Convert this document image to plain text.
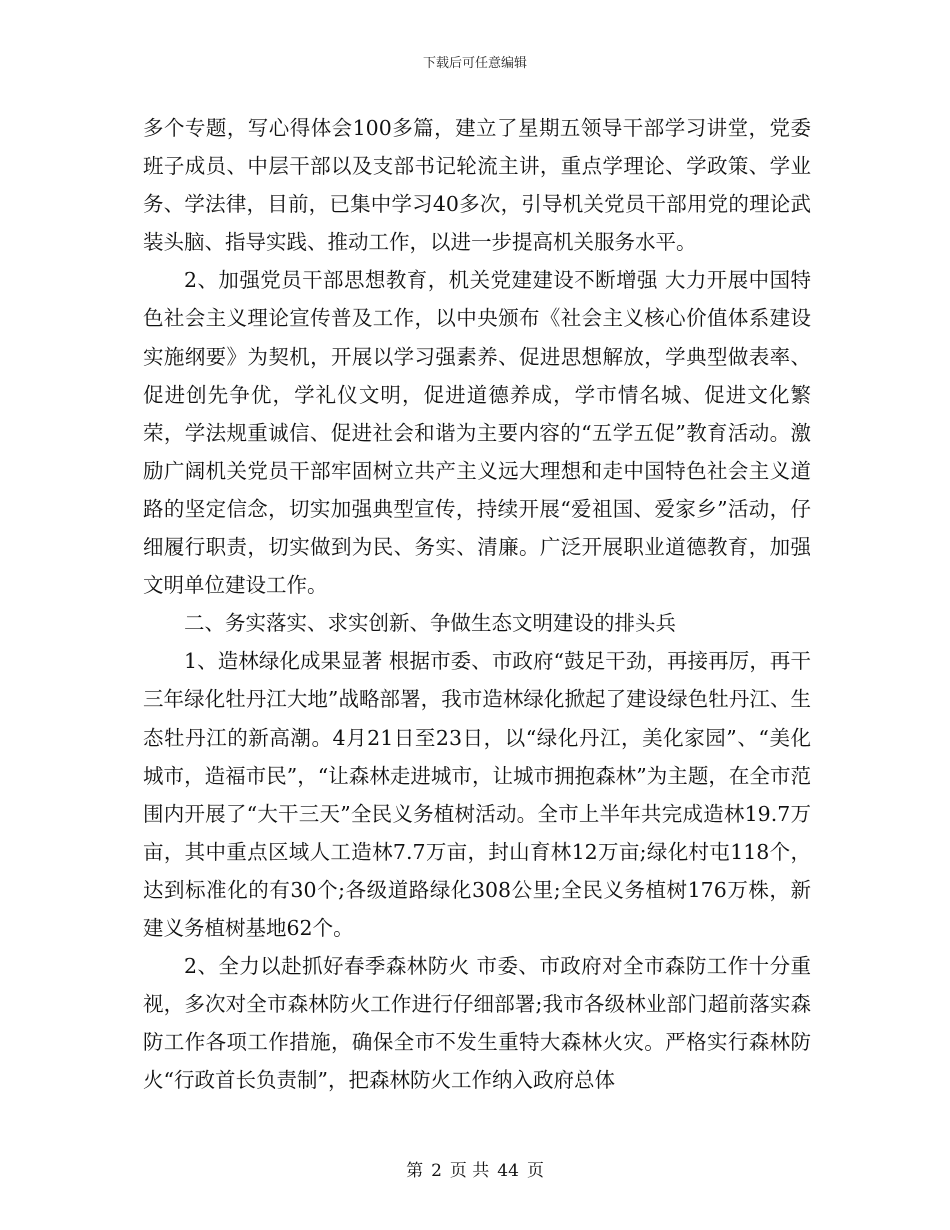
下载后可任意编辑

多个专题，写心得体会100多篇，建立了星期五领导干部学习讲堂，党委班子成员、中层干部以及支部书记轮流主讲，重点学理论、学政策、学业务、学法律，目前，已集中学习40多次，引导机关党员干部用党的理论武装头脑、指导实践、推动工作，以进一步提高机关服务水平。

2、加强党员干部思想教育，机关党建建设不断增强 大力开展中国特色社会主义理论宣传普及工作，以中央颁布《社会主义核心价值体系建设实施纲要》为契机，开展以学习强素养、促进思想解放，学典型做表率、促进创先争优，学礼仪文明，促进道德养成，学市情名城、促进文化繁荣，学法规重诚信、促进社会和谐为主要内容的“五学五促”教育活动。激励广阔机关党员干部牢固树立共产主义远大理想和走中国特色社会主义道路的坚定信念，切实加强典型宣传，持续开展“爱祖国、爱家乡”活动，仔细履行职责，切实做到为民、务实、清廉。广泛开展职业道德教育，加强文明单位建设工作。

二、务实落实、求实创新、争做生态文明建设的排头兵

1、造林绿化成果显著 根据市委、市政府“鼓足干劲，再接再厉，再干三年绿化牡丹江大地”战略部署，我市造林绿化掀起了建设绿色牡丹江、生态牡丹江的新高潮。4月21日至23日，以“绿化丹江，美化家园”、“美化城市，造福市民”，“让森林走进城市，让城市拥抱森林”为主题，在全市范围内开展了“大干三天”全民义务植树活动。全市上半年共完成造林19.7万亩，其中重点区域人工造林7.7万亩，封山育林12万亩;绿化村屯118个，达到标准化的有30个;各级道路绿化308公里;全民义务植树176万株，新建义务植树基地62个。

2、全力以赴抓好春季森林防火 市委、市政府对全市森防工作十分重视，多次对全市森林防火工作进行仔细部署;我市各级林业部门超前落实森防工作各项工作措施，确保全市不发生重特大森林火灾。严格实行森林防火“行政首长负责制”，把森林防火工作纳入政府总体

第 2 页 共 44 页
